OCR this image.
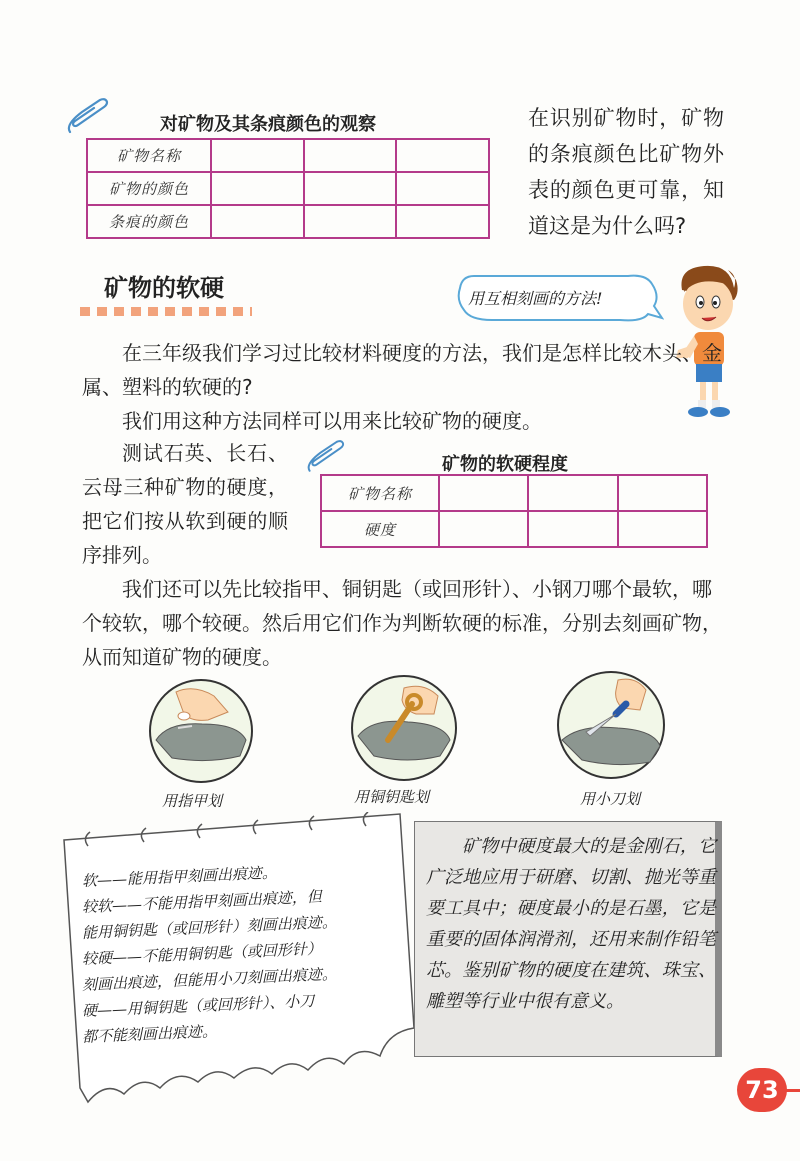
对矿物及其条痕颜色的观察
矿物名称			
矿物的颜色			
条痕的颜色			
在识别矿物时，矿物的条痕颜色比矿物外表的颜色更可靠，知道这是为什么吗?
矿物的软硬	用互相刻画的方法!
在三年级我们学习过比较材料硬度的方法，我们是怎样比较木头、金属、塑料的软硬的?
我们用这种方法同样可以用来比较矿物的硬度。
测试石英、长石、云母三种矿物的硬度，把它们按从软到硬的顺序排列。
矿物的软硬程度
矿物名称			
硬度			
我们还可以先比较指甲、铜钥匙（或回形针）、小钢刀哪个最软，哪个较软，哪个较硬。然后用它们作为判断软硬的标准，分别去刻画矿物，从而知道矿物的硬度。
用指甲划	用铜钥匙划	用小刀划
软——能用指甲刻画出痕迹。
较软——不能用指甲刻画出痕迹，但
能用铜钥匙（或回形针）刻画出痕迹。
较硬——不能用铜钥匙（或回形针）
刻画出痕迹，但能用小刀刻画出痕迹。
硬——用铜钥匙（或回形针）、小刀
都不能刻画出痕迹。
矿物中硬度最大的是金刚石，它广泛地应用于研磨、切割、抛光等重要工具中；硬度最小的是石墨，它是重要的固体润滑剂，还用来制作铅笔芯。鉴别矿物的硬度在建筑、珠宝、雕塑等行业中很有意义。
73
